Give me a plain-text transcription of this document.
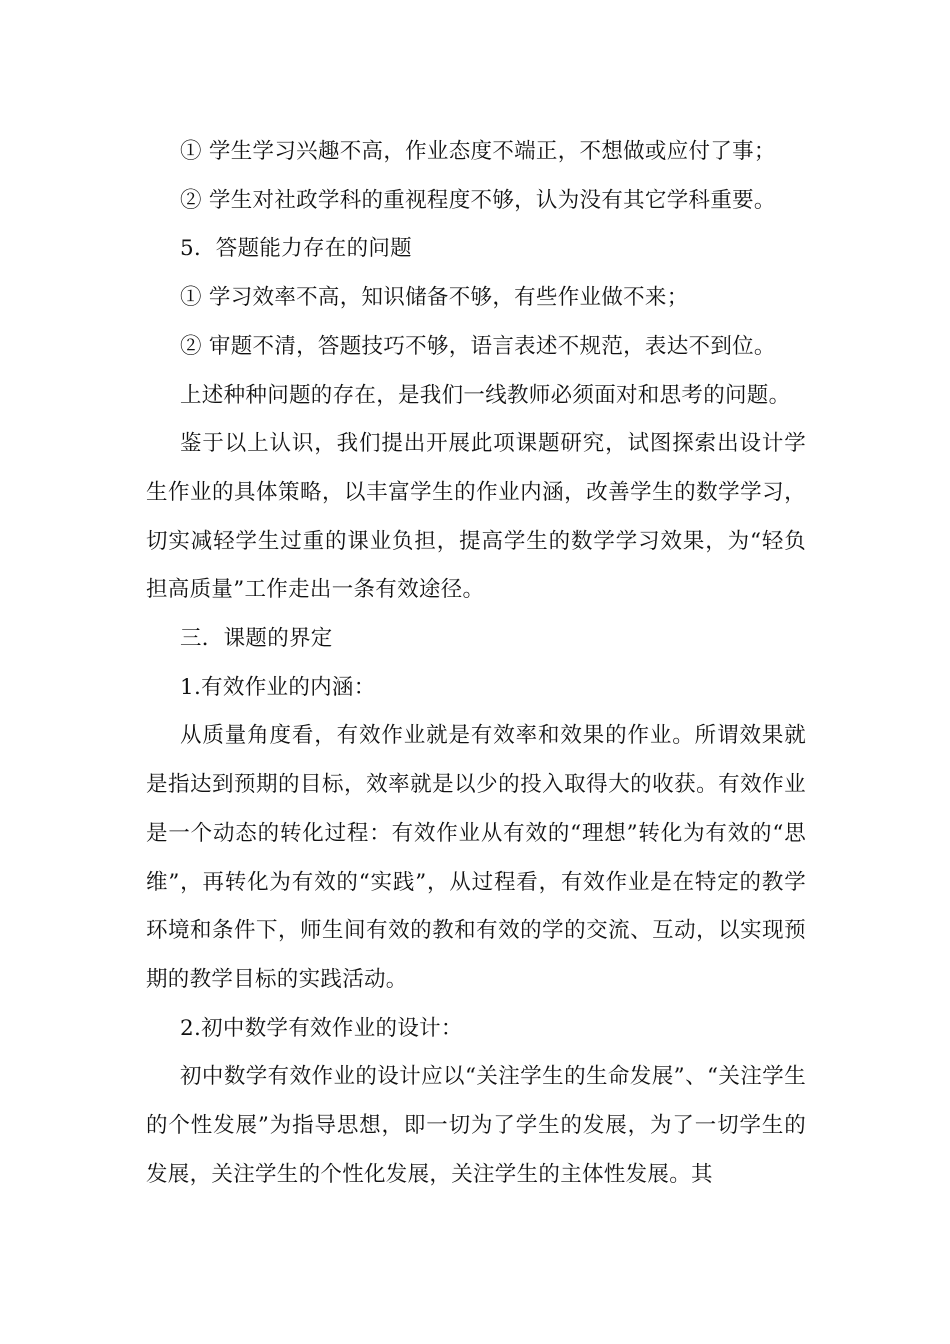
① 学生学习兴趣不高，作业态度不端正，不想做或应付了事；

② 学生对社政学科的重视程度不够，认为没有其它学科重要。

5．答题能力存在的问题

① 学习效率不高，知识储备不够，有些作业做不来；

② 审题不清，答题技巧不够，语言表述不规范，表达不到位。

上述种种问题的存在，是我们一线教师必须面对和思考的问题。

鉴于以上认识，我们提出开展此项课题研究，试图探索出设计学生作业的具体策略，以丰富学生的作业内涵，改善学生的数学学习，切实减轻学生过重的课业负担，提高学生的数学学习效果，为“轻负担高质量”工作走出一条有效途径。

三．课题的界定

1.有效作业的内涵：

从质量角度看，有效作业就是有效率和效果的作业。所谓效果就是指达到预期的目标，效率就是以少的投入取得大的收获。有效作业是一个动态的转化过程：有效作业从有效的“理想”转化为有效的“思维”，再转化为有效的“实践”，从过程看，有效作业是在特定的教学环境和条件下，师生间有效的教和有效的学的交流、互动，以实现预期的教学目标的实践活动。

2.初中数学有效作业的设计：

初中数学有效作业的设计应以“关注学生的生命发展”、“关注学生的个性发展”为指导思想，即一切为了学生的发展，为了一切学生的发展，关注学生的个性化发展，关注学生的主体性发展。其
